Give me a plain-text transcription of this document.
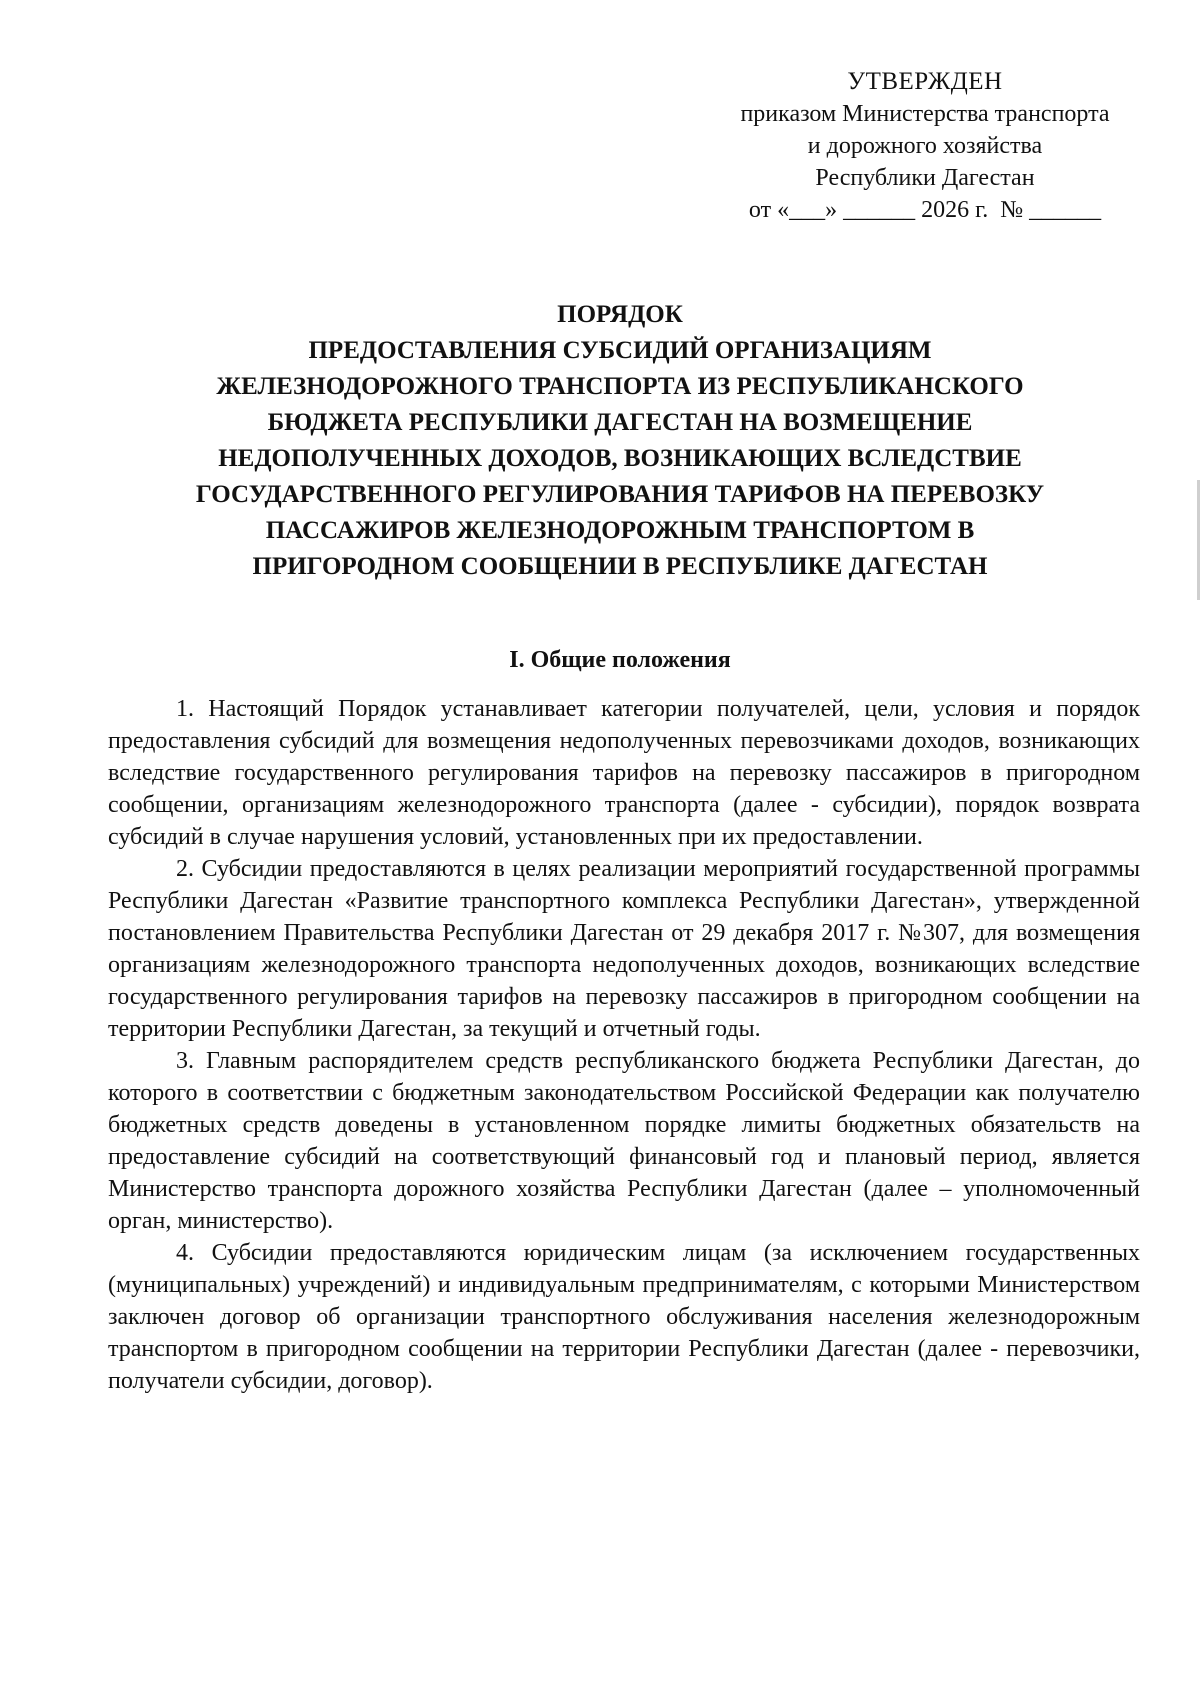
УТВЕРЖДЕН
приказом Министерства транспорта
и дорожного хозяйства
Республики Дагестан
от «___» ______ 2026 г.  № ______
ПОРЯДОК
ПРЕДОСТАВЛЕНИЯ СУБСИДИЙ ОРГАНИЗАЦИЯМ
ЖЕЛЕЗНОДОРОЖНОГО ТРАНСПОРТА ИЗ РЕСПУБЛИКАНСКОГО
БЮДЖЕТА РЕСПУБЛИКИ ДАГЕСТАН НА ВОЗМЕЩЕНИЕ
НЕДОПОЛУЧЕННЫХ ДОХОДОВ, ВОЗНИКАЮЩИХ ВСЛЕДСТВИЕ
ГОСУДАРСТВЕННОГО РЕГУЛИРОВАНИЯ ТАРИФОВ НА ПЕРЕВОЗКУ
ПАССАЖИРОВ ЖЕЛЕЗНОДОРОЖНЫМ ТРАНСПОРТОМ В
ПРИГОРОДНОМ СООБЩЕНИИ В РЕСПУБЛИКЕ ДАГЕСТАН
I. Общие положения

1. Настоящий Порядок устанавливает категории получателей, цели, условия и порядок предоставления субсидий для возмещения недополученных перевозчиками доходов, возникающих вследствие государственного регулирования тарифов на перевозку пассажиров в пригородном сообщении, организациям железнодорожного транспорта (далее - субсидии), порядок возврата субсидий в случае нарушения условий, установленных при их предоставлении.

2. Субсидии предоставляются в целях реализации мероприятий государственной программы Республики Дагестан «Развитие транспортного комплекса Республики Дагестан», утвержденной постановлением Правительства Республики Дагестан от 29 декабря 2017 г. №307, для возмещения организациям железнодорожного транспорта недополученных доходов, возникающих вследствие государственного регулирования тарифов на перевозку пассажиров в пригородном сообщении на территории Республики Дагестан, за текущий и отчетный годы.

3. Главным распорядителем средств республиканского бюджета Республики Дагестан, до которого в соответствии с бюджетным законодательством Российской Федерации как получателю бюджетных средств доведены в установленном порядке лимиты бюджетных обязательств на предоставление субсидий на соответствующий финансовый год и плановый период, является Министерство транспорта дорожного хозяйства Республики Дагестан (далее – уполномоченный орган, министерство).

4. Субсидии предоставляются юридическим лицам (за исключением государственных (муниципальных) учреждений) и индивидуальным предпринимателям, с которыми Министерством заключен договор об организации транспортного обслуживания населения железнодорожным транспортом в пригородном сообщении на территории Республики Дагестан (далее - перевозчики, получатели субсидии, договор).
